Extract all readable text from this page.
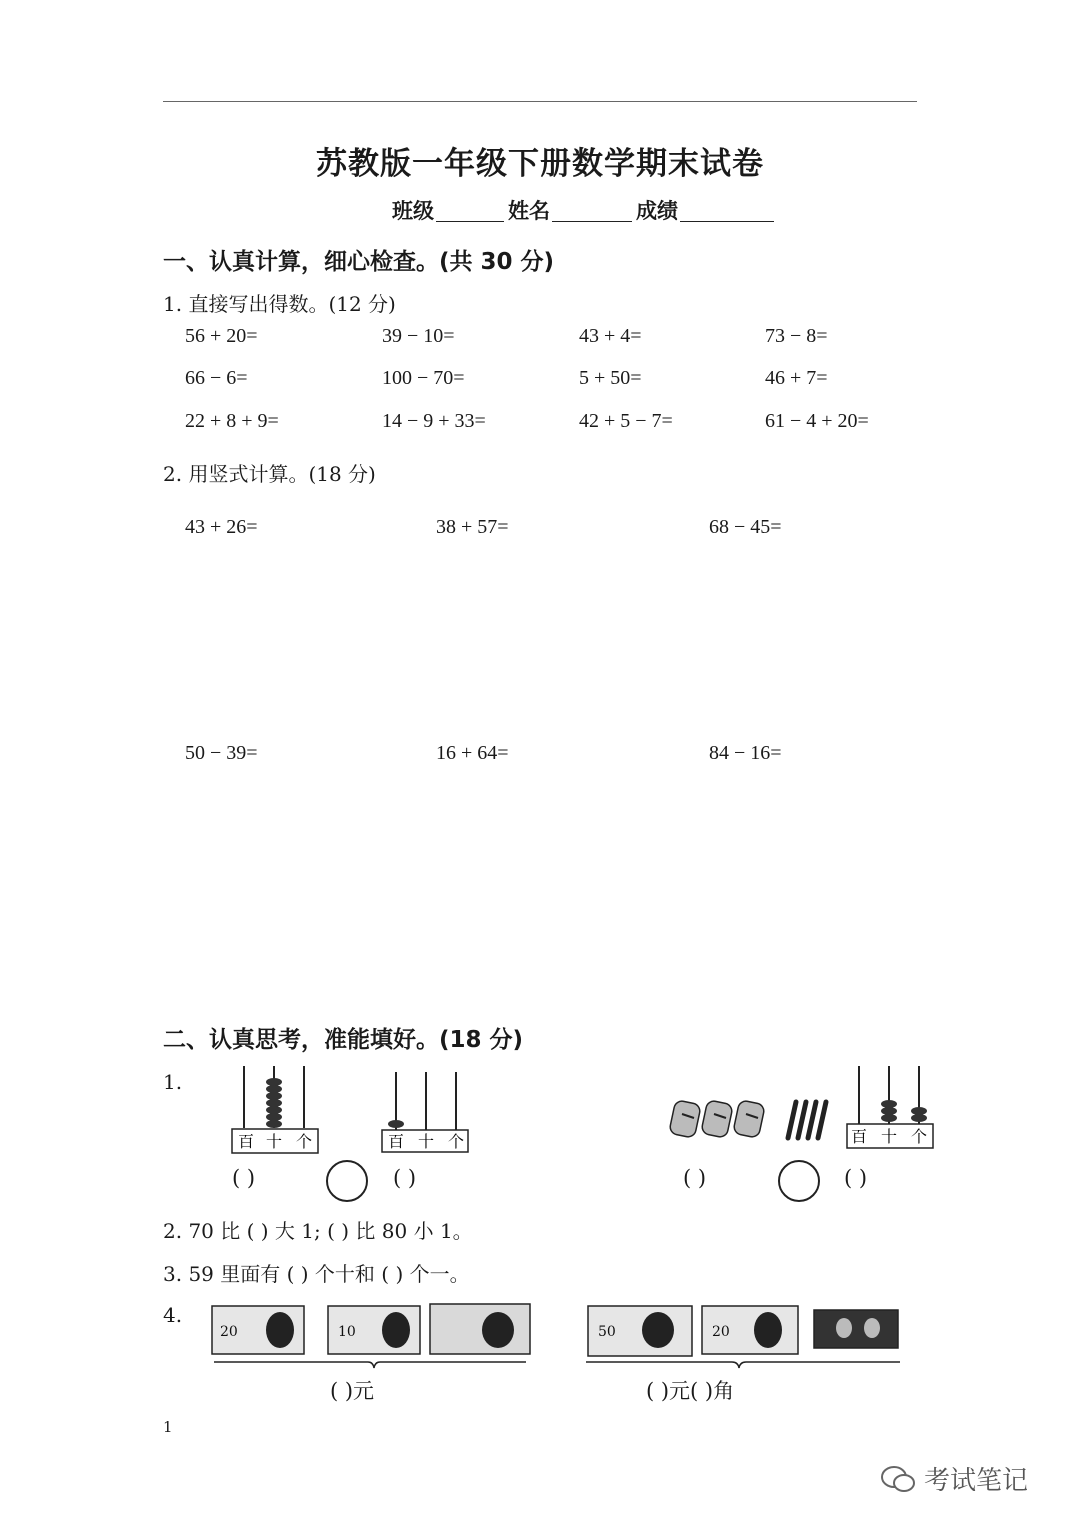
苏教版一年级下册数学期末试卷
班级	姓名	成绩
一、认真计算，细心检查。(共 30 分)
1. 直接写出得数。(12 分)
56 + 20=	39 − 10=	43 + 4=	73 − 8=
66 − 6=	100 − 70=	5 + 50=	46 + 7=
22 + 8 + 9=	14 − 9 + 33=	42 + 5 − 7=	61 − 4 + 20=
2. 用竖式计算。(18 分)
43 + 26=	38 + 57=	68 − 45=
50 − 39=	16 + 64=	84 − 16=
二、认真思考，准能填好。(18 分)
1.
百 十 个	百 十 个
( )	( )
百 十 个
( )	( )
2. 70 比 ( ) 大 1; ( ) 比 80 小 1。
3. 59 里面有 ( ) 个十和 ( ) 个一。
4.
20	10
( )元
50	20
( )元( )角
1
考试笔记
